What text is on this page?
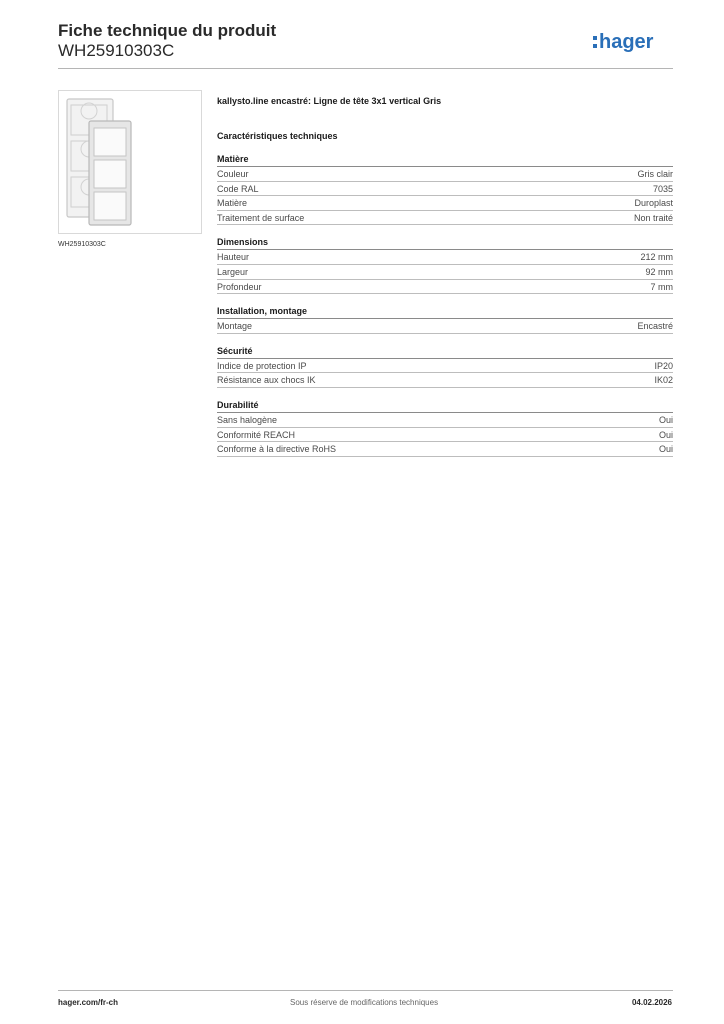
Fiche technique du produit
WH25910303C	hager
WH25910303C
kallysto.line encastré: Ligne de tête 3x1 vertical Gris
Caractéristiques techniques
Matière
Couleur	Gris clair
Code RAL	7035
Matière	Duroplast
Traitement de surface	Non traité
Dimensions
Hauteur	212 mm
Largeur	92 mm
Profondeur	7 mm
Installation, montage
Montage	Encastré
Sécurité
Indice de protection IP	IP20
Résistance aux chocs IK	IK02
Durabilité
Sans halogène	Oui
Conformité REACH	Oui
Conforme à la directive RoHS	Oui
hager.com/fr-ch	Sous réserve de modifications techniques	04.02.2026
